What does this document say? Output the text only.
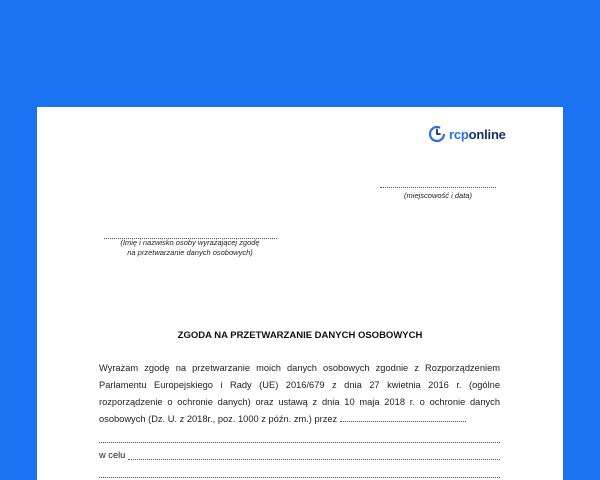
rcponline
(miejscowość i data)
(Imię i nazwisko osoby wyrażającej zgodę
na przetwarzanie danych osobowych)
ZGODA NA PRZETWARZANIE DANYCH OSOBOWYCH
Wyrażam zgodę na przetwarzanie moich danych osobowych zgodnie z Rozporządzeniem Parlamentu Europejskiego i Rady (UE) 2016/679 z dnia 27 kwietnia 2016 r. (ogólne rozporządzenie o ochronie danych) oraz ustawą z dnia 10 maja 2018 r. o ochronie danych osobowych (Dz. U. z 2018r., poz. 1000 z późn. zm.) przez
w celu
